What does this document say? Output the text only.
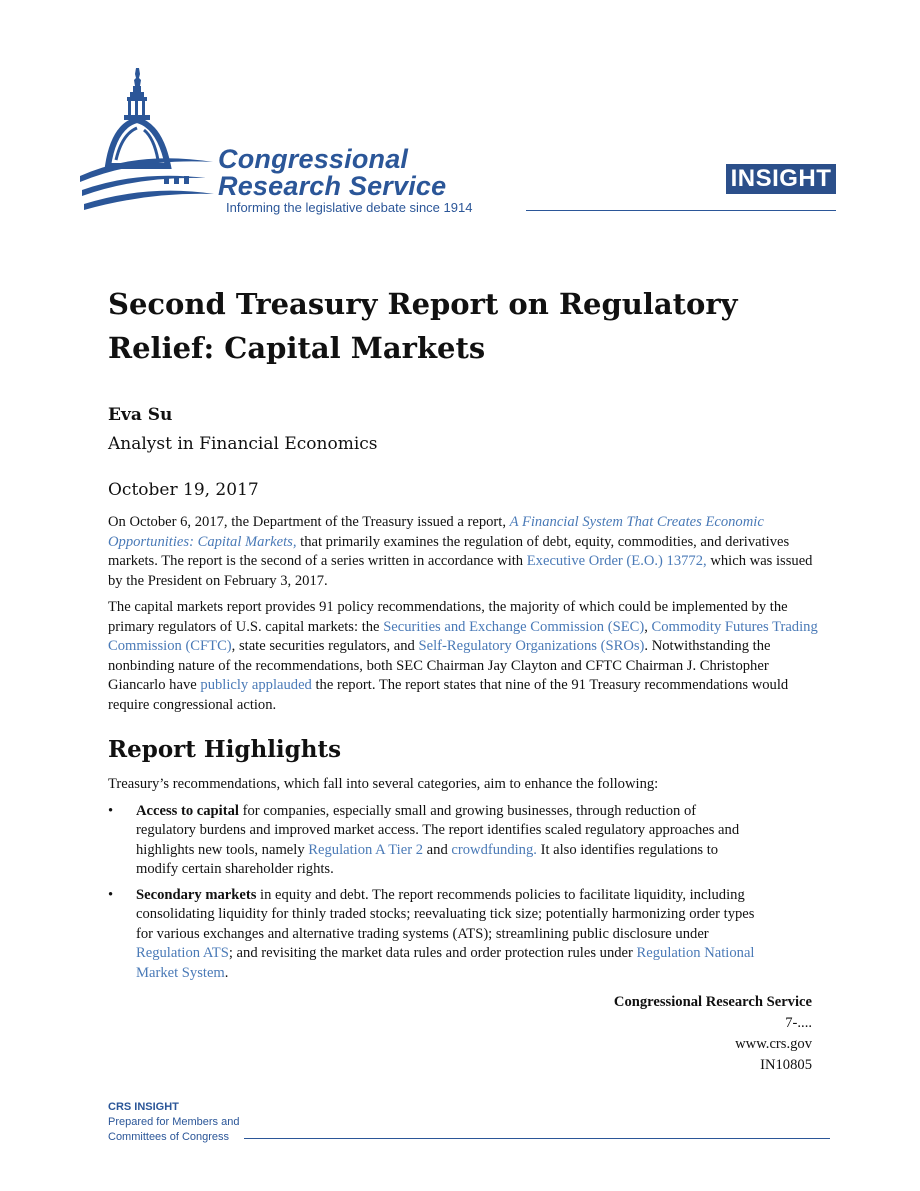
Congressional
Research Service
Informing the legislative debate since 1914
INSIGHT
Second Treasury Report on Regulatory Relief: Capital Markets
Eva Su
Analyst in Financial Economics
October 19, 2017

On October 6, 2017, the Department of the Treasury issued a report, A Financial System That Creates Economic Opportunities: Capital Markets, that primarily examines the regulation of debt, equity, commodities, and derivatives markets. The report is the second of a series written in accordance with Executive Order (E.O.) 13772, which was issued by the President on February 3, 2017.

The capital markets report provides 91 policy recommendations, the majority of which could be implemented by the primary regulators of U.S. capital markets: the Securities and Exchange Commission (SEC), Commodity Futures Trading Commission (CFTC), state securities regulators, and Self-Regulatory Organizations (SROs). Notwithstanding the nonbinding nature of the recommendations, both SEC Chairman Jay Clayton and CFTC Chairman J. Christopher Giancarlo have publicly applauded the report. The report states that nine of the 91 Treasury recommendations would require congressional action.

Report Highlights

Treasury’s recommendations, which fall into several categories, aim to enhance the following:

• Access to capital for companies, especially small and growing businesses, through reduction of regulatory burdens and improved market access. The report identifies scaled regulatory approaches and highlights new tools, namely Regulation A Tier 2 and crowdfunding. It also identifies regulations to modify certain shareholder rights.
• Secondary markets in equity and debt. The report recommends policies to facilitate liquidity, including consolidating liquidity for thinly traded stocks; reevaluating tick size; potentially harmonizing order types for various exchanges and alternative trading systems (ATS); streamlining public disclosure under Regulation ATS; and revisiting the market data rules and order protection rules under Regulation National Market System.
Congressional Research Service
7-....
www.crs.gov
IN10805
CRS INSIGHT
Prepared for Members and
Committees of Congress
